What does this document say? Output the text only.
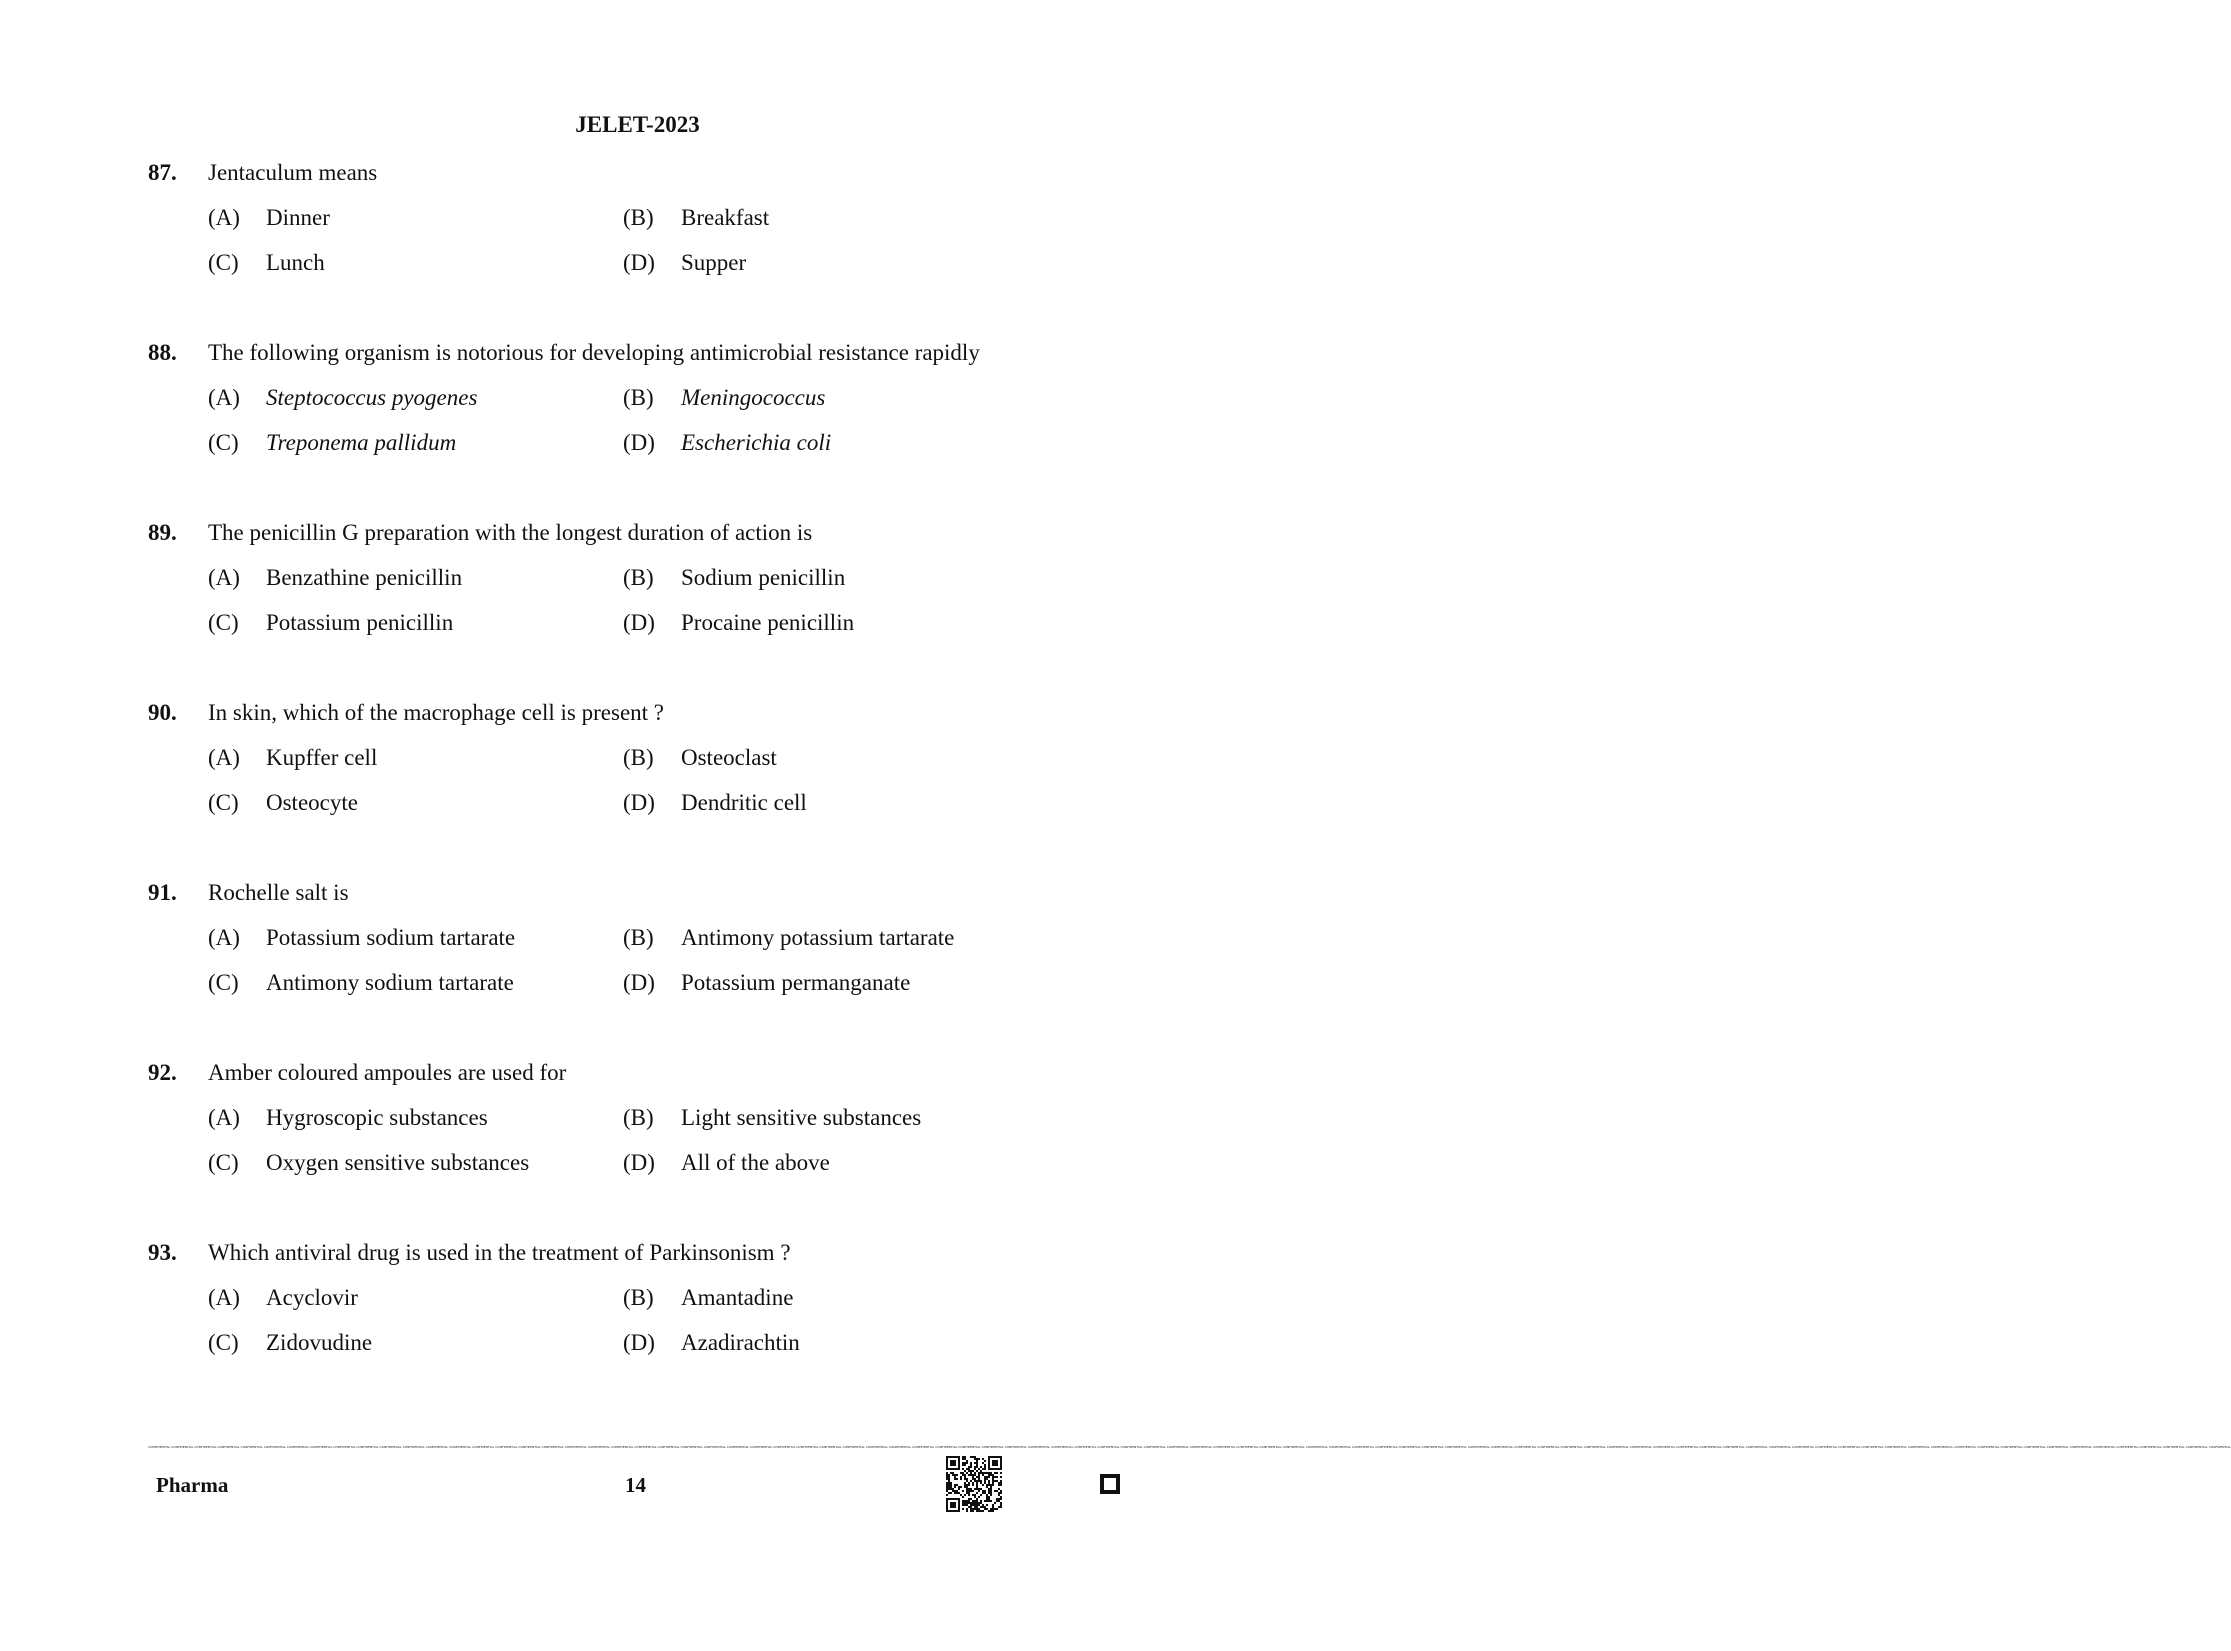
JELET-2023
87. Jentaculum means
(A) Dinner	(B) Breakfast
(C) Lunch	(D) Supper
88. The following organism is notorious for developing antimicrobial resistance rapidly
(A) Steptococcus pyogenes	(B) Meningococcus
(C) Treponema pallidum	(D) Escherichia coli
89. The penicillin G preparation with the longest duration of action is
(A) Benzathine penicillin	(B) Sodium penicillin
(C) Potassium penicillin	(D) Procaine penicillin
90. In skin, which of the macrophage cell is present ?
(A) Kupffer cell	(B) Osteoclast
(C) Osteocyte	(D) Dendritic cell
91. Rochelle salt is
(A) Potassium sodium tartarate	(B) Antimony potassium tartarate
(C) Antimony sodium tartarate	(D) Potassium permanganate
92. Amber coloured ampoules are used for
(A) Hygroscopic substances	(B) Light sensitive substances
(C) Oxygen sensitive substances	(D) All of the above
93. Which antiviral drug is used in the treatment of Parkinsonism ?
(A) Acyclovir	(B) Amantadine
(C) Zidovudine	(D) Azadirachtin
CONFIDENTIAL CONFIDENTIAL CONFIDENTIAL CONFIDENTIAL CONFIDENTIAL CONFIDENTIAL CONFIDENTIAL CONFIDENTIAL CONFIDENTIAL CONFIDENTIAL CONFIDENTIAL CONFIDENTIAL CONFIDENTIAL CONFIDENTIAL CONFIDENTIAL CONFIDENTIAL CONFIDENTIAL CONFIDENTIAL CONFIDENTIAL CONFIDENTIAL CONFIDENTIAL CONFIDENTIAL CONFIDENTIAL CONFIDENTIAL CONFIDENTIAL CONFIDENTIAL CONFIDENTIAL CONFIDENTIAL CONFIDENTIAL CONFIDENTIAL CONFIDENTIAL CONFIDENTIAL CONFIDENTIAL CONFIDENTIAL CONFIDENTIAL CONFIDENTIAL CONFIDENTIAL CONFIDENTIAL CONFIDENTIAL CONFIDENTIAL CONFIDENTIAL CONFIDENTIAL CONFIDENTIAL CONFIDENTIAL CONFIDENTIAL CONFIDENTIAL CONFIDENTIAL CONFIDENTIAL CONFIDENTIAL CONFIDENTIAL CONFIDENTIAL CONFIDENTIAL CONFIDENTIAL CONFIDENTIAL CONFIDENTIAL CONFIDENTIAL CONFIDENTIAL CONFIDENTIAL CONFIDENTIAL CONFIDENTIAL CONFIDENTIAL CONFIDENTIAL CONFIDENTIAL CONFIDENTIAL CONFIDENTIAL CONFIDENTIAL CONFIDENTIAL CONFIDENTIAL CONFIDENTIAL CONFIDENTIAL CONFIDENTIAL CONFIDENTIAL CONFIDENTIAL CONFIDENTIAL CONFIDENTIAL CONFIDENTIAL CONFIDENTIAL CONFIDENTIAL CONFIDENTIAL CONFIDENTIAL CONFIDENTIAL CONFIDENTIAL CONFIDENTIAL CONFIDENTIAL CONFIDENTIAL CONFIDENTIAL CONFIDENTIAL CONFIDENTIAL CONFIDENTIAL CONFIDENTIAL
Pharma	14
